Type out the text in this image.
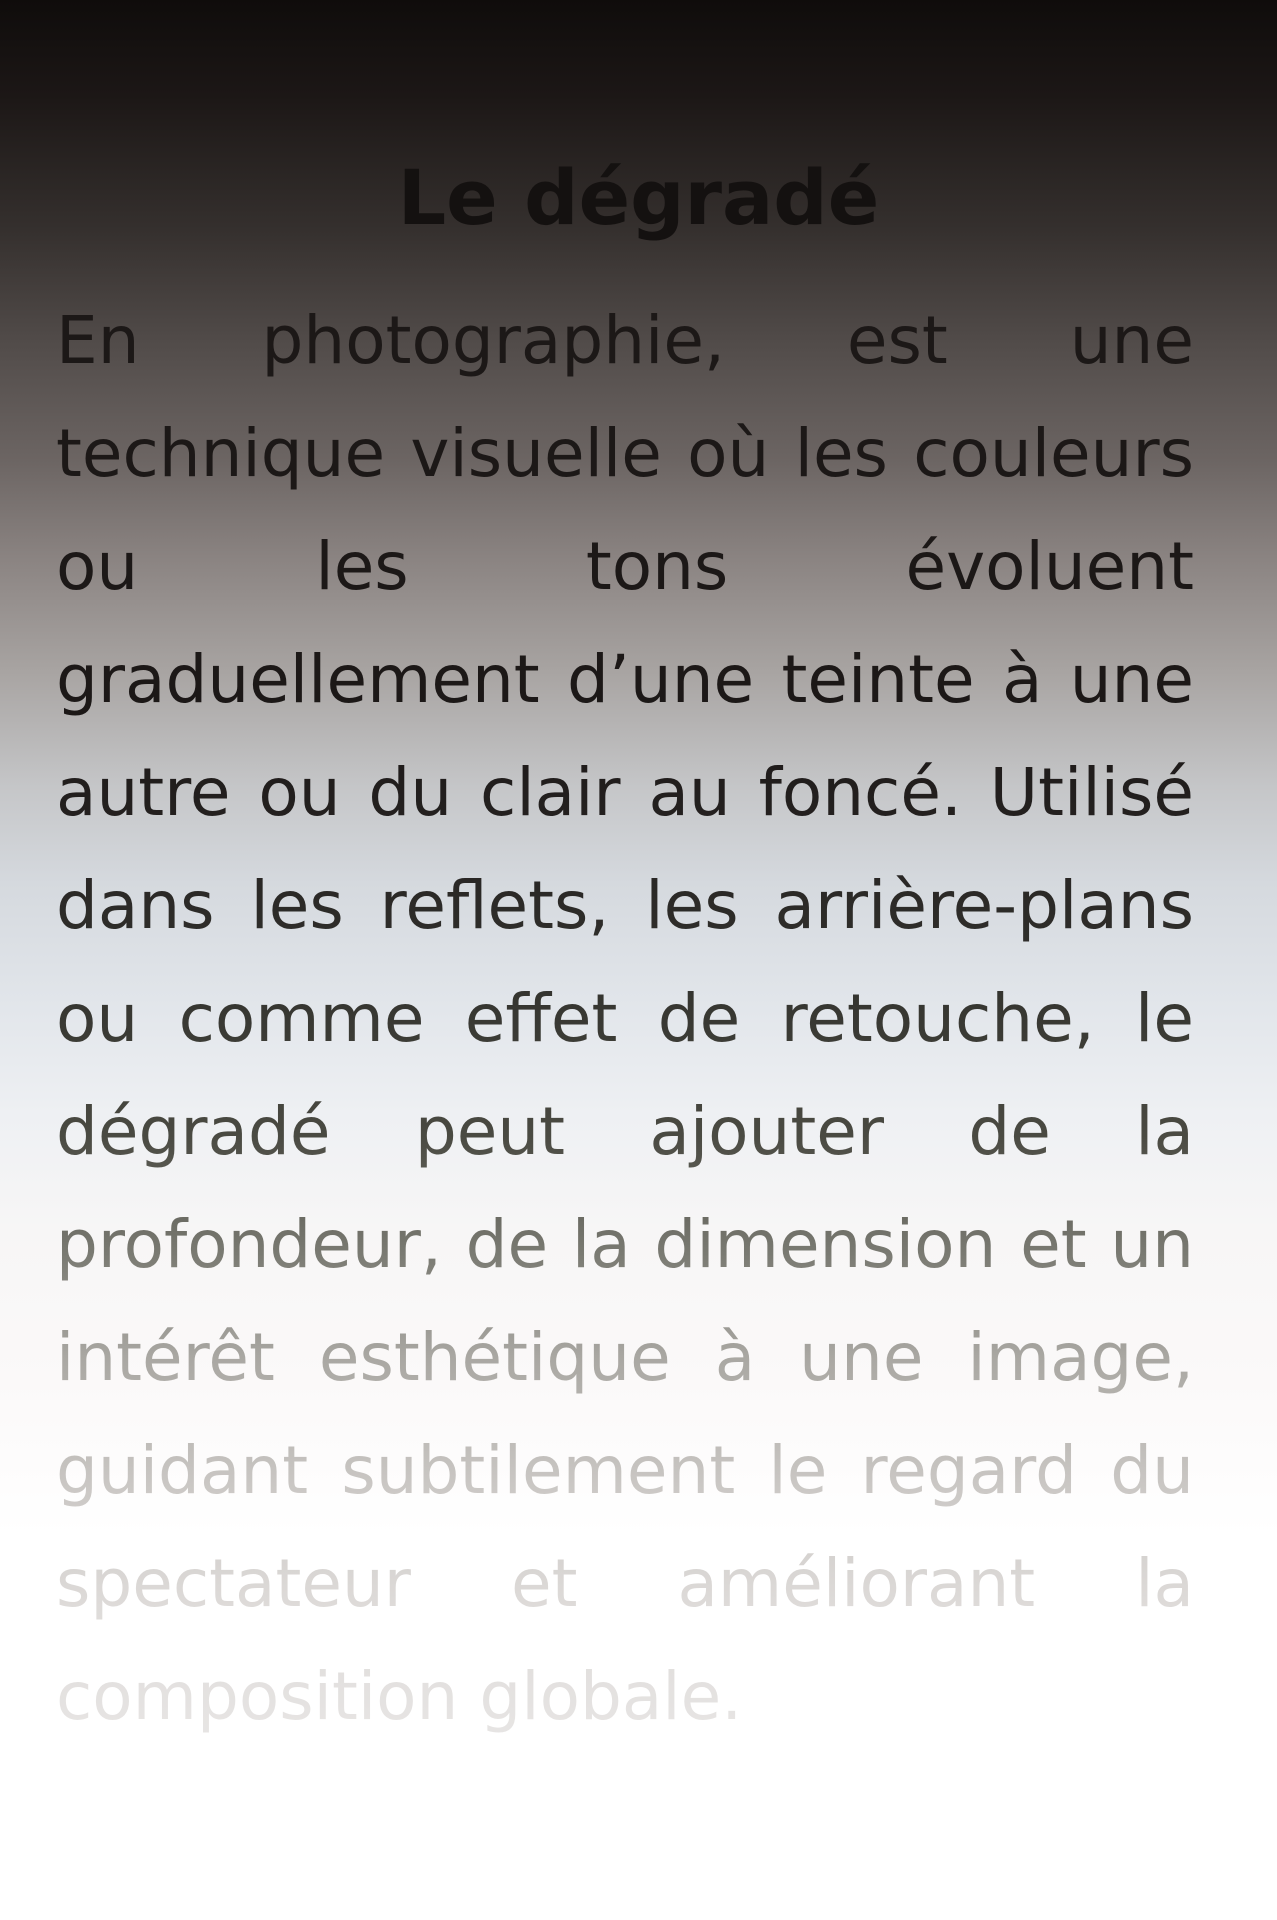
Le dégradé

En photographie, est une technique visuelle où les couleurs ou les tons évoluent graduellement d’une teinte à une autre ou du clair au foncé. Utilisé dans les reflets, les arrière-plans ou comme effet de retouche, le dégradé peut ajouter de la profondeur, de la dimension et un intérêt esthétique à une image, guidant subtilement le regard du spectateur et améliorant la composition globale.
